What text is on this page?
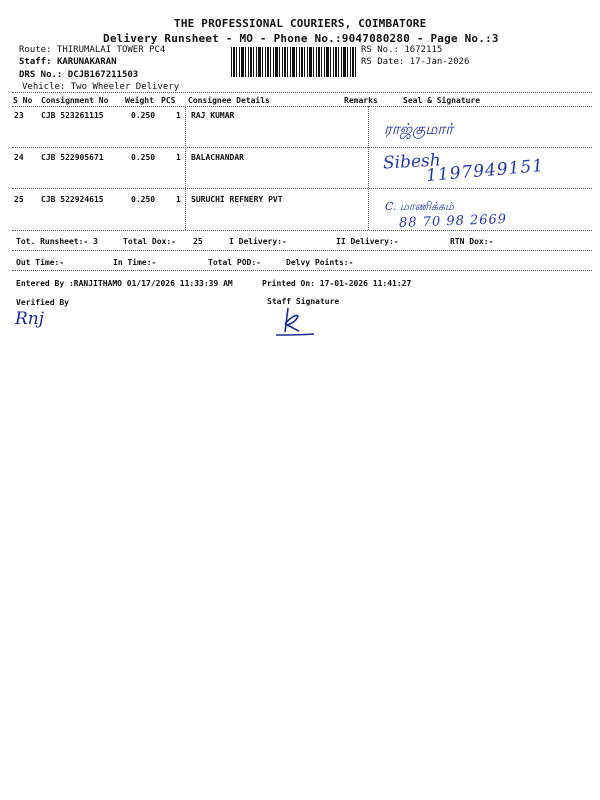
THE PROFESSIONAL COURIERS, COIMBATORE
Delivery Runsheet - MO - Phone No.:9047080280 - Page No.:3
Route: THIRUMALAI TOWER PC4
Staff: KARUNAKARAN
DRS No.: DCJB167211503
Vehicle: Two Wheeler Delivery
RS No.: 1672115
RS Date: 17-Jan-2026
S No Consignment No Weight PCS Consignee Details	Remarks	Seal & Signature
23 CJB 523261115	0.250	1 RAJ KUMAR
ராஜ்குமார்
24 CJB 522905671	0.250	1 BALACHANDAR	Sibesh
1197949151
25 CJB 522924615	0.250	1 SURUCHI REFNERY PVT
C. மாணிக்கம்
88 70 98 2669
Tot. Runsheet:- 3	Total Dox:- 25	I Delivery:-	II Delivery:-	RTN Dox:-
Out Time:-	In Time:-	Total POD:-	Delvy Points:-
Entered By :RANJITHAMO 01/17/2026 11:33:39 AM	Printed On: 17-01-2026 11:41:27
Verified By	Staff Signature
Rnj
